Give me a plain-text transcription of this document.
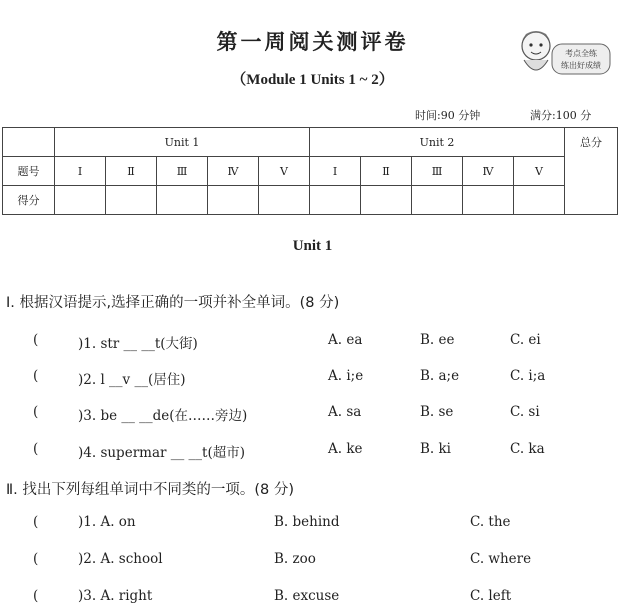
第一周阅关测评卷
（Module 1 Units 1 ~ 2）
考点全练
练出好成绩
时间:90 分钟	满分:100 分
	Unit 1					Unit 2					总分
题号	Ⅰ	Ⅱ	Ⅲ	Ⅳ	Ⅴ	Ⅰ	Ⅱ	Ⅲ	Ⅳ	Ⅴ	
得分											
Unit 1
Ⅰ. 根据汉语提示,选择正确的一项并补全单词。(8 分)
(	)1. str __ __t(大街)	A. ea	B. ee	C. ei
(	)2. l __v __(居住)	A. i;e	B. a;e	C. i;a
(	)3. be __ __de(在……旁边)	A. sa	B. se	C. si
(	)4. supermar __ __t(超市)	A. ke	B. ki	C. ka
Ⅱ. 找出下列每组单词中不同类的一项。(8 分)
(	)1. A. on	B. behind	C. the
(	)2. A. school	B. zoo	C. where
(	)3. A. right	B. excuse	C. left
